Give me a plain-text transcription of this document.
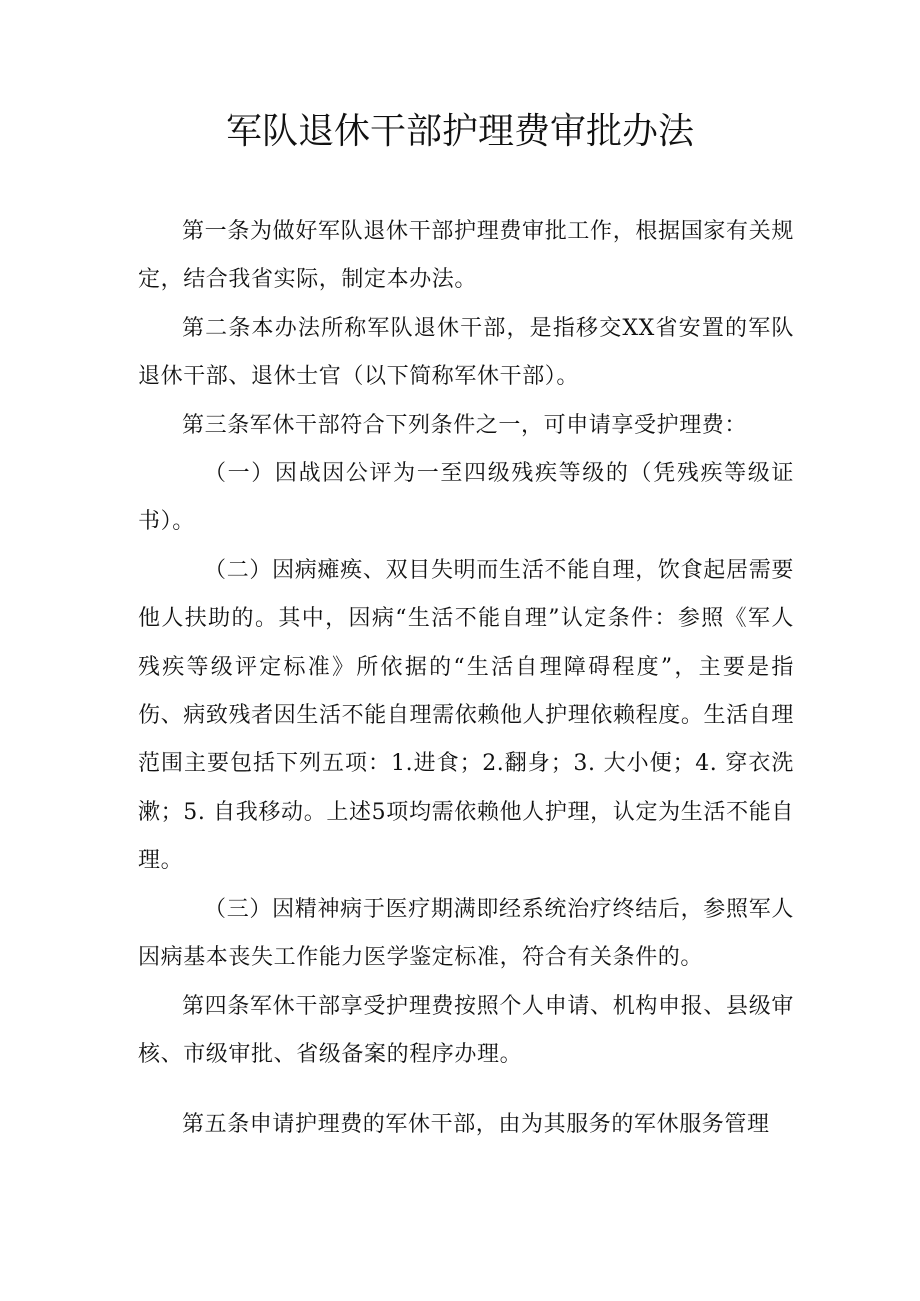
军队退休干部护理费审批办法

第一条为做好军队退休干部护理费审批工作，根据国家有关规定，结合我省实际，制定本办法。

第二条本办法所称军队退休干部，是指移交XX省安置的军队退休干部、退休士官（以下简称军休干部）。

第三条军休干部符合下列条件之一，可申请享受护理费：

（一）因战因公评为一至四级残疾等级的（凭残疾等级证书）。

（二）因病瘫痪、双目失明而生活不能自理，饮食起居需要他人扶助的。其中，因病“生活不能自理”认定条件：参照《军人残疾等级评定标准》所依据的“生活自理障碍程度”，主要是指伤、病致残者因生活不能自理需依赖他人护理依赖程度。生活自理范围主要包括下列五项：1.进食；2.翻身；3. 大小便；4. 穿衣洗漱；5. 自我移动。上述5项均需依赖他人护理，认定为生活不能自理。

（三）因精神病于医疗期满即经系统治疗终结后，参照军人因病基本丧失工作能力医学鉴定标准，符合有关条件的。

第四条军休干部享受护理费按照个人申请、机构申报、县级审核、市级审批、省级备案的程序办理。

第五条申请护理费的军休干部，由为其服务的军休服务管理
